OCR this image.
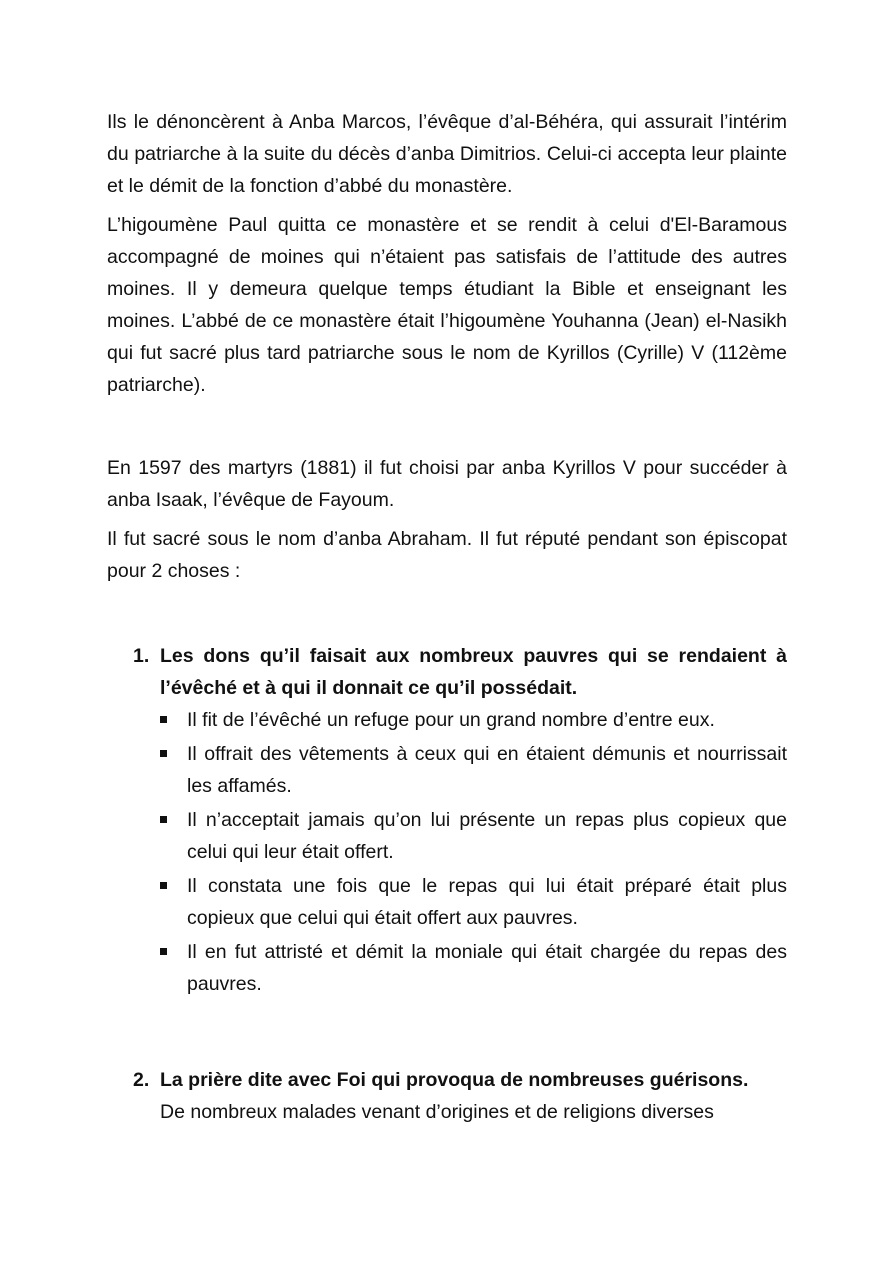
Ils le dénoncèrent à Anba Marcos, l’évêque d’al-Béhéra, qui assurait l’intérim du patriarche à la suite du décès d’anba Dimitrios. Celui-ci accepta leur plainte et le démit de la fonction d’abbé du monastère.

L’higoumène Paul quitta ce monastère et se rendit à celui d'El-Baramous accompagné de moines qui n’étaient pas satisfais de l’attitude des autres moines. Il y demeura quelque temps étudiant la Bible et enseignant les moines. L’abbé de ce monastère était l’higoumène Youhanna (Jean) el-Nasikh qui fut sacré plus tard patriarche sous le nom de Kyrillos (Cyrille) V (112ème patriarche).

En 1597 des martyrs (1881) il fut choisi par anba Kyrillos V pour succéder à anba Isaak, l’évêque de Fayoum.

Il fut sacré sous le nom d’anba Abraham. Il fut réputé pendant son épiscopat pour 2 choses :

1. Les dons qu’il faisait aux nombreux pauvres qui se rendaient à l’évêché et à qui il donnait ce qu’il possédait.

Il fit de l’évêché un refuge pour un grand nombre d’entre eux.
Il offrait des vêtements à ceux qui en étaient démunis et nourrissait les affamés.
Il n’acceptait jamais qu’on lui présente un repas plus copieux que celui qui leur était offert.
Il constata une fois que le repas qui lui était préparé était plus copieux que celui qui était offert aux pauvres.
Il en fut attristé et démit la moniale qui était chargée du repas des pauvres.
2. La prière dite avec Foi qui provoqua de nombreuses guérisons.

De nombreux malades venant d’origines et de religions diverses
